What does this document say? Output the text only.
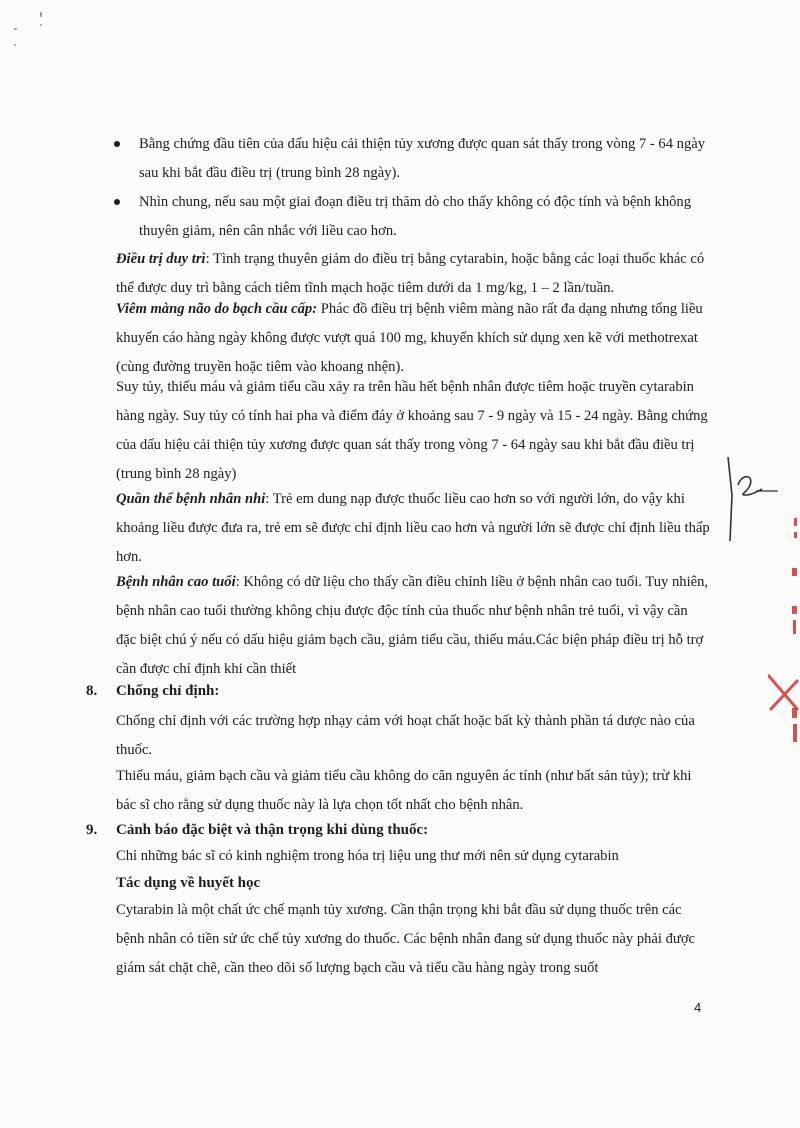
Bằng chứng đầu tiên của dấu hiệu cải thiện tủy xương được quan sát thấy trong vòng 7 - 64 ngày sau khi bắt đầu điều trị (trung bình 28 ngày).
Nhìn chung, nếu sau một giai đoạn điều trị thăm dò cho thấy không có độc tính và bệnh không thuyên giảm, nên cân nhắc với liều cao hơn.

Điều trị duy trì: Tình trạng thuyên giảm do điều trị bằng cytarabin, hoặc bằng các loại thuốc khác có thể được duy trì bằng cách tiêm tĩnh mạch hoặc tiêm dưới da 1 mg/kg, 1 – 2 lần/tuần.

Viêm màng não do bạch cầu cấp: Phác đồ điều trị bệnh viêm màng não rất đa dạng nhưng tổng liều khuyến cáo hàng ngày không được vượt quá 100 mg, khuyến khích sử dụng xen kẽ với methotrexat (cùng đường truyền hoặc tiêm vào khoang nhện).

Suy tủy, thiếu máu và giảm tiểu cầu xảy ra trên hầu hết bệnh nhân được tiêm hoặc truyền cytarabin hàng ngày. Suy tủy có tính hai pha và điểm đáy ở khoảng sau 7 - 9 ngày và 15 - 24 ngày. Bằng chứng của dấu hiệu cải thiện tủy xương được quan sát thấy trong vòng 7 - 64 ngày sau khi bắt đầu điều trị (trung bình 28 ngày)

Quần thể bệnh nhân nhi: Trẻ em dung nạp được thuốc liều cao hơn so với người lớn, do vậy khi khoảng liều được đưa ra, trẻ em sẽ được chỉ định liều cao hơn và người lớn sẽ được chỉ định liều thấp hơn.

Bệnh nhân cao tuổi: Không có dữ liệu cho thấy cần điều chỉnh liều ở bệnh nhân cao tuổi. Tuy nhiên, bệnh nhân cao tuổi thường không chịu được độc tính của thuốc như bệnh nhân trẻ tuổi, vì vậy cần đặc biệt chú ý nếu có dấu hiệu giảm bạch cầu, giảm tiểu cầu, thiếu máu.Các biện pháp điều trị hỗ trợ cần được chỉ định khi cần thiết

8. Chống chỉ định:

Chống chỉ định với các trường hợp nhạy cảm với hoạt chất hoặc bất kỳ thành phần tá dược nào của thuốc.

Thiếu máu, giảm bạch cầu và giảm tiểu cầu không do căn nguyên ác tính (như bất sản tủy); trừ khi bác sĩ cho rằng sử dụng thuốc này là lựa chọn tốt nhất cho bệnh nhân.

9. Cảnh báo đặc biệt và thận trọng khi dùng thuốc:

Chỉ những bác sĩ có kinh nghiệm trong hóa trị liệu ung thư mới nên sử dụng cytarabin

Tác dụng về huyết học

Cytarabin là một chất ức chế mạnh tủy xương. Cần thận trọng khi bắt đầu sử dụng thuốc trên các bệnh nhân có tiền sử ức chế tủy xương do thuốc. Các bệnh nhân đang sử dụng thuốc này phải được giám sát chặt chẽ, cần theo dõi số lượng bạch cầu và tiểu cầu hàng ngày trong suốt

4
